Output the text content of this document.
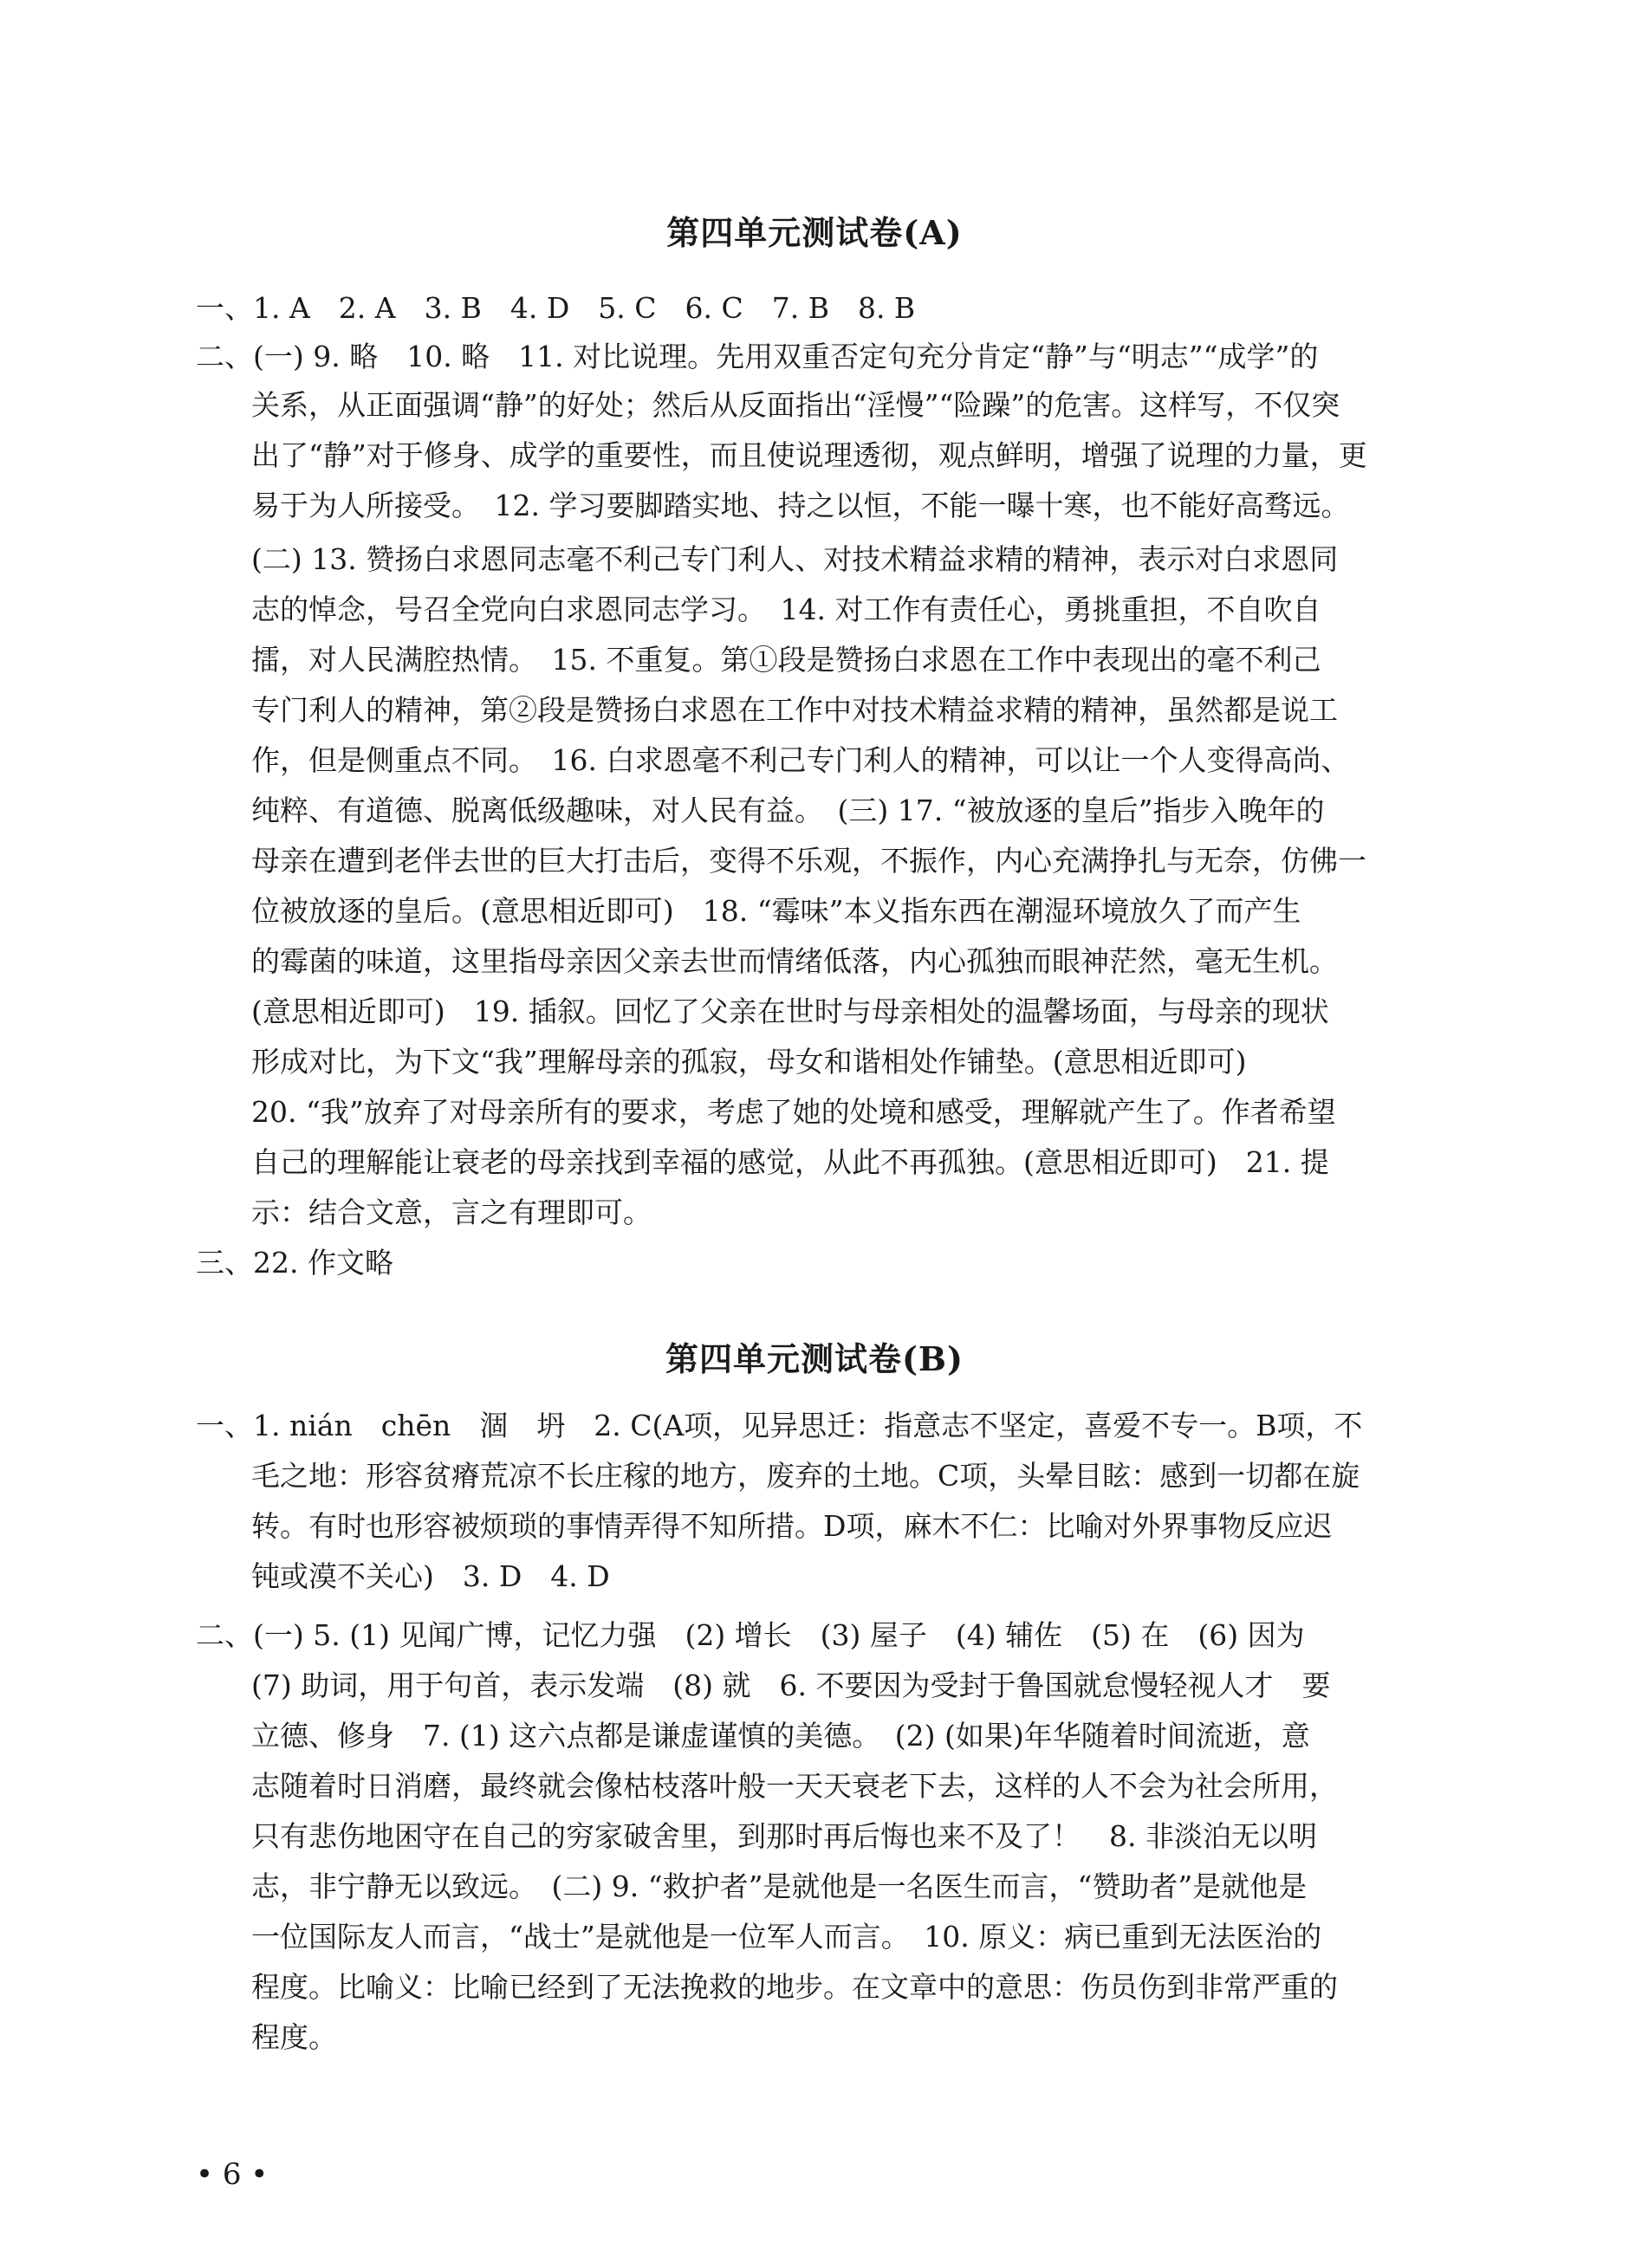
第四单元测试卷(A)
一、1. A　2. A　3. B　4. D　5. C　6. C　7. B　8. B
二、(一) 9. 略　10. 略　11. 对比说理。先用双重否定句充分肯定“静”与“明志”“成学”的
关系，从正面强调“静”的好处；然后从反面指出“淫慢”“险躁”的危害。这样写，不仅突
出了“静”对于修身、成学的重要性，而且使说理透彻，观点鲜明，增强了说理的力量，更
易于为人所接受。　12. 学习要脚踏实地、持之以恒，不能一曝十寒，也不能好高骛远。
(二) 13. 赞扬白求恩同志毫不利己专门利人、对技术精益求精的精神，表示对白求恩同
志的悼念，号召全党向白求恩同志学习。　14. 对工作有责任心，勇挑重担，不自吹自
擂，对人民满腔热情。　15. 不重复。第①段是赞扬白求恩在工作中表现出的毫不利己
专门利人的精神，第②段是赞扬白求恩在工作中对技术精益求精的精神，虽然都是说工
作，但是侧重点不同。　16. 白求恩毫不利己专门利人的精神，可以让一个人变得高尚、
纯粹、有道德、脱离低级趣味，对人民有益。　(三) 17. “被放逐的皇后”指步入晚年的
母亲在遭到老伴去世的巨大打击后，变得不乐观，不振作，内心充满挣扎与无奈，仿佛一
位被放逐的皇后。(意思相近即可)　18. “霉味”本义指东西在潮湿环境放久了而产生
的霉菌的味道，这里指母亲因父亲去世而情绪低落，内心孤独而眼神茫然，毫无生机。
(意思相近即可)　19. 插叙。回忆了父亲在世时与母亲相处的温馨场面，与母亲的现状
形成对比，为下文“我”理解母亲的孤寂，母女和谐相处作铺垫。(意思相近即可)
20. “我”放弃了对母亲所有的要求，考虑了她的处境和感受，理解就产生了。作者希望
自己的理解能让衰老的母亲找到幸福的感觉，从此不再孤独。(意思相近即可)　21. 提
示：结合文意，言之有理即可。
三、22. 作文略
第四单元测试卷(B)
一、1. nián　chēn　涸　坍　2. C(A项，见异思迁：指意志不坚定，喜爱不专一。B项，不
毛之地：形容贫瘠荒凉不长庄稼的地方，废弃的土地。C项，头晕目眩：感到一切都在旋
转。有时也形容被烦琐的事情弄得不知所措。D项，麻木不仁：比喻对外界事物反应迟
钝或漠不关心)　3. D　4. D
二、(一) 5. (1) 见闻广博，记忆力强　(2) 增长　(3) 屋子　(4) 辅佐　(5) 在　(6) 因为
(7) 助词，用于句首，表示发端　(8) 就　6. 不要因为受封于鲁国就怠慢轻视人才　要
立德、修身　7. (1) 这六点都是谦虚谨慎的美德。　(2) (如果)年华随着时间流逝，意
志随着时日消磨，最终就会像枯枝落叶般一天天衰老下去，这样的人不会为社会所用，
只有悲伤地困守在自己的穷家破舍里，到那时再后悔也来不及了！　8. 非淡泊无以明
志，非宁静无以致远。　(二) 9. “救护者”是就他是一名医生而言，“赞助者”是就他是
一位国际友人而言，“战士”是就他是一位军人而言。　10. 原义：病已重到无法医治的
程度。比喻义：比喻已经到了无法挽救的地步。在文章中的意思：伤员伤到非常严重的
程度。
• 6 •
